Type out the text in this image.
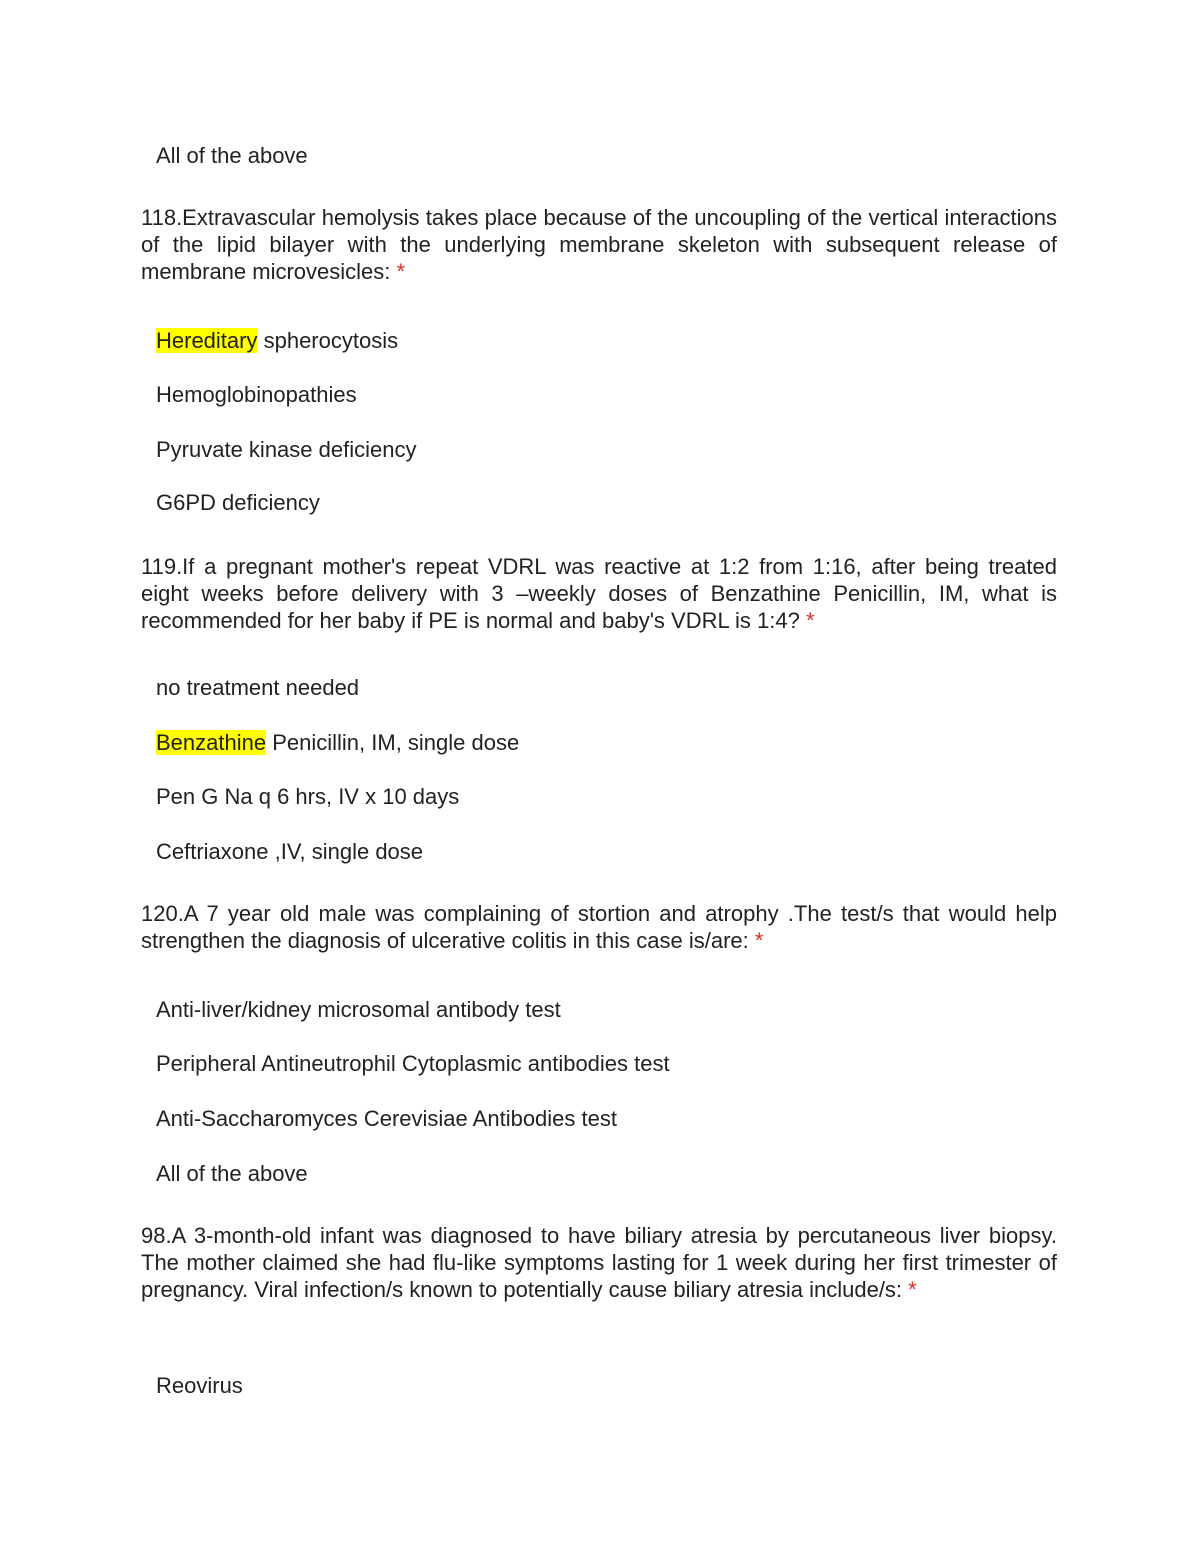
All of the above
118.Extravascular hemolysis takes place because of the uncoupling of the vertical interactions of the lipid bilayer with the underlying membrane skeleton with subsequent release of membrane microvesicles: *
Hereditary spherocytosis
Hemoglobinopathies
Pyruvate kinase deficiency
G6PD deficiency
119.If a pregnant mother's repeat VDRL was reactive at 1:2 from 1:16, after being treated eight weeks before delivery with 3 –weekly doses of Benzathine Penicillin, IM, what is recommended for her baby if PE is normal and baby's VDRL is 1:4? *
no treatment needed
Benzathine Penicillin, IM, single dose
Pen G Na q 6 hrs, IV x 10 days
Ceftriaxone ,IV, single dose
120.A 7 year old male was complaining of stortion and atrophy .The test/s that would help strengthen the diagnosis of ulcerative colitis in this case is/are: *
Anti-liver/kidney microsomal antibody test
Peripheral Antineutrophil Cytoplasmic antibodies test
Anti-Saccharomyces Cerevisiae Antibodies test
All of the above
98.A 3-month-old infant was diagnosed to have biliary atresia by percutaneous liver biopsy. The mother claimed she had flu-like symptoms lasting for 1 week during her first trimester of pregnancy. Viral infection/s known to potentially cause biliary atresia include/s: *
Reovirus
